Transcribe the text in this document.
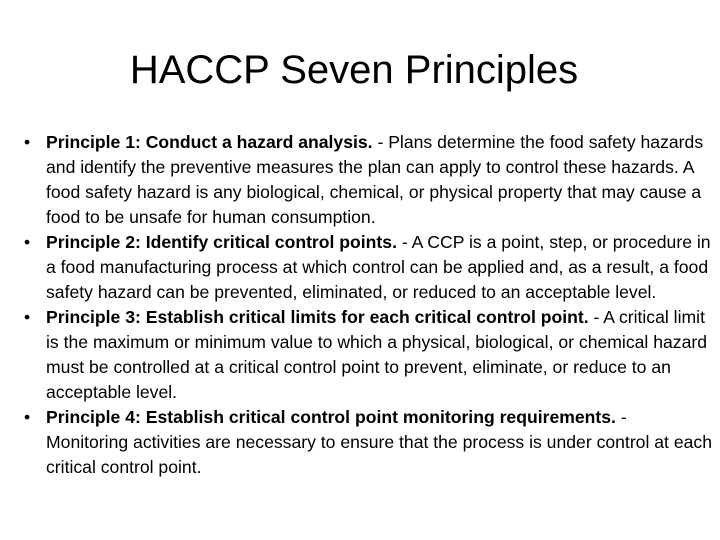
HACCP Seven Principles
• Principle 1: Conduct a hazard analysis. - Plans determine the food safety hazards and identify the preventive measures the plan can apply to control these hazards. A food safety hazard is any biological, chemical, or physical property that may cause a food to be unsafe for human consumption.
• Principle 2: Identify critical control points. - A CCP is a point, step, or procedure in a food manufacturing process at which control can be applied and, as a result, a food safety hazard can be prevented, eliminated, or reduced to an acceptable level.
• Principle 3: Establish critical limits for each critical control point. - A critical limit is the maximum or minimum value to which a physical, biological, or chemical hazard must be controlled at a critical control point to prevent, eliminate, or reduce to an acceptable level.
• Principle 4: Establish critical control point monitoring requirements. - Monitoring activities are necessary to ensure that the process is under control at each critical control point.
